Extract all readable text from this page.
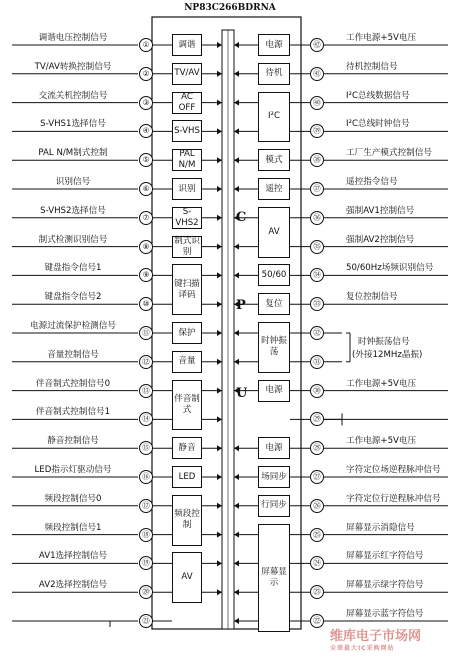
NP83C266BDRNA
调谐电压控制信号
①
TV/AV转换控制信号
②
交流关机控制信号
③
S-VHS1选择信号
④
PAL N/M制式控制
⑤
识别信号
⑥
S-VHS2选择信号
⑦
制式检测识别信号
⑧
键盘指令信号1
⑨
键盘指令信号2
⑩
电源过流保护检测信号
⑪
音量控制信号
⑫
伴音制式控制信号0
⑬
伴音制式控制信号1
⑭
静音控制信号
⑮
LED指示灯驱动信号
⑯
频段控制信号0
⑰
频段控制信号1
⑱
AV1选择控制信号
⑲
AV2选择控制信号
⑳
㉑
调谐
TV/AV
AC OFF
S-VHS
PAL N/M
识别
S-VHS2
制式识别
键扫描译码
保护
音量
伴音制式
静音
LED
频段控制
AV
㊷
工作电源+5V电压
㊶
待机控制信号
㊵
I²C总线数据信号
㊴
I²C总线时钟信号
㊳
工厂生产模式控制信号
㊲
遥控指令信号
㊱
强制AV1控制信号
㉟
强制AV2控制信号
㉞
50/60Hz场频识别信号
㉝
复位控制信号
㉜
㉛
㉚
工作电源+5V电压
㉙
㉘
工作电源+5V电压
㉗
字符定位场逆程脉冲信号
㉖
字符定位行逆程脉冲信号
㉕
屏幕显示消隐信号
㉔
屏幕显示红字符信号
㉓
屏幕显示绿字符信号
㉒
屏幕显示蓝字符信号
电源
待机
I²C
模式
遥控
AV
50/60
复位
时钟振荡
电源
电源
场同步
行同步
屏幕显示
C
P
U
时钟振荡信号
(外接12MHz晶振)
维库电子市场网
全球最大IC采购网站
